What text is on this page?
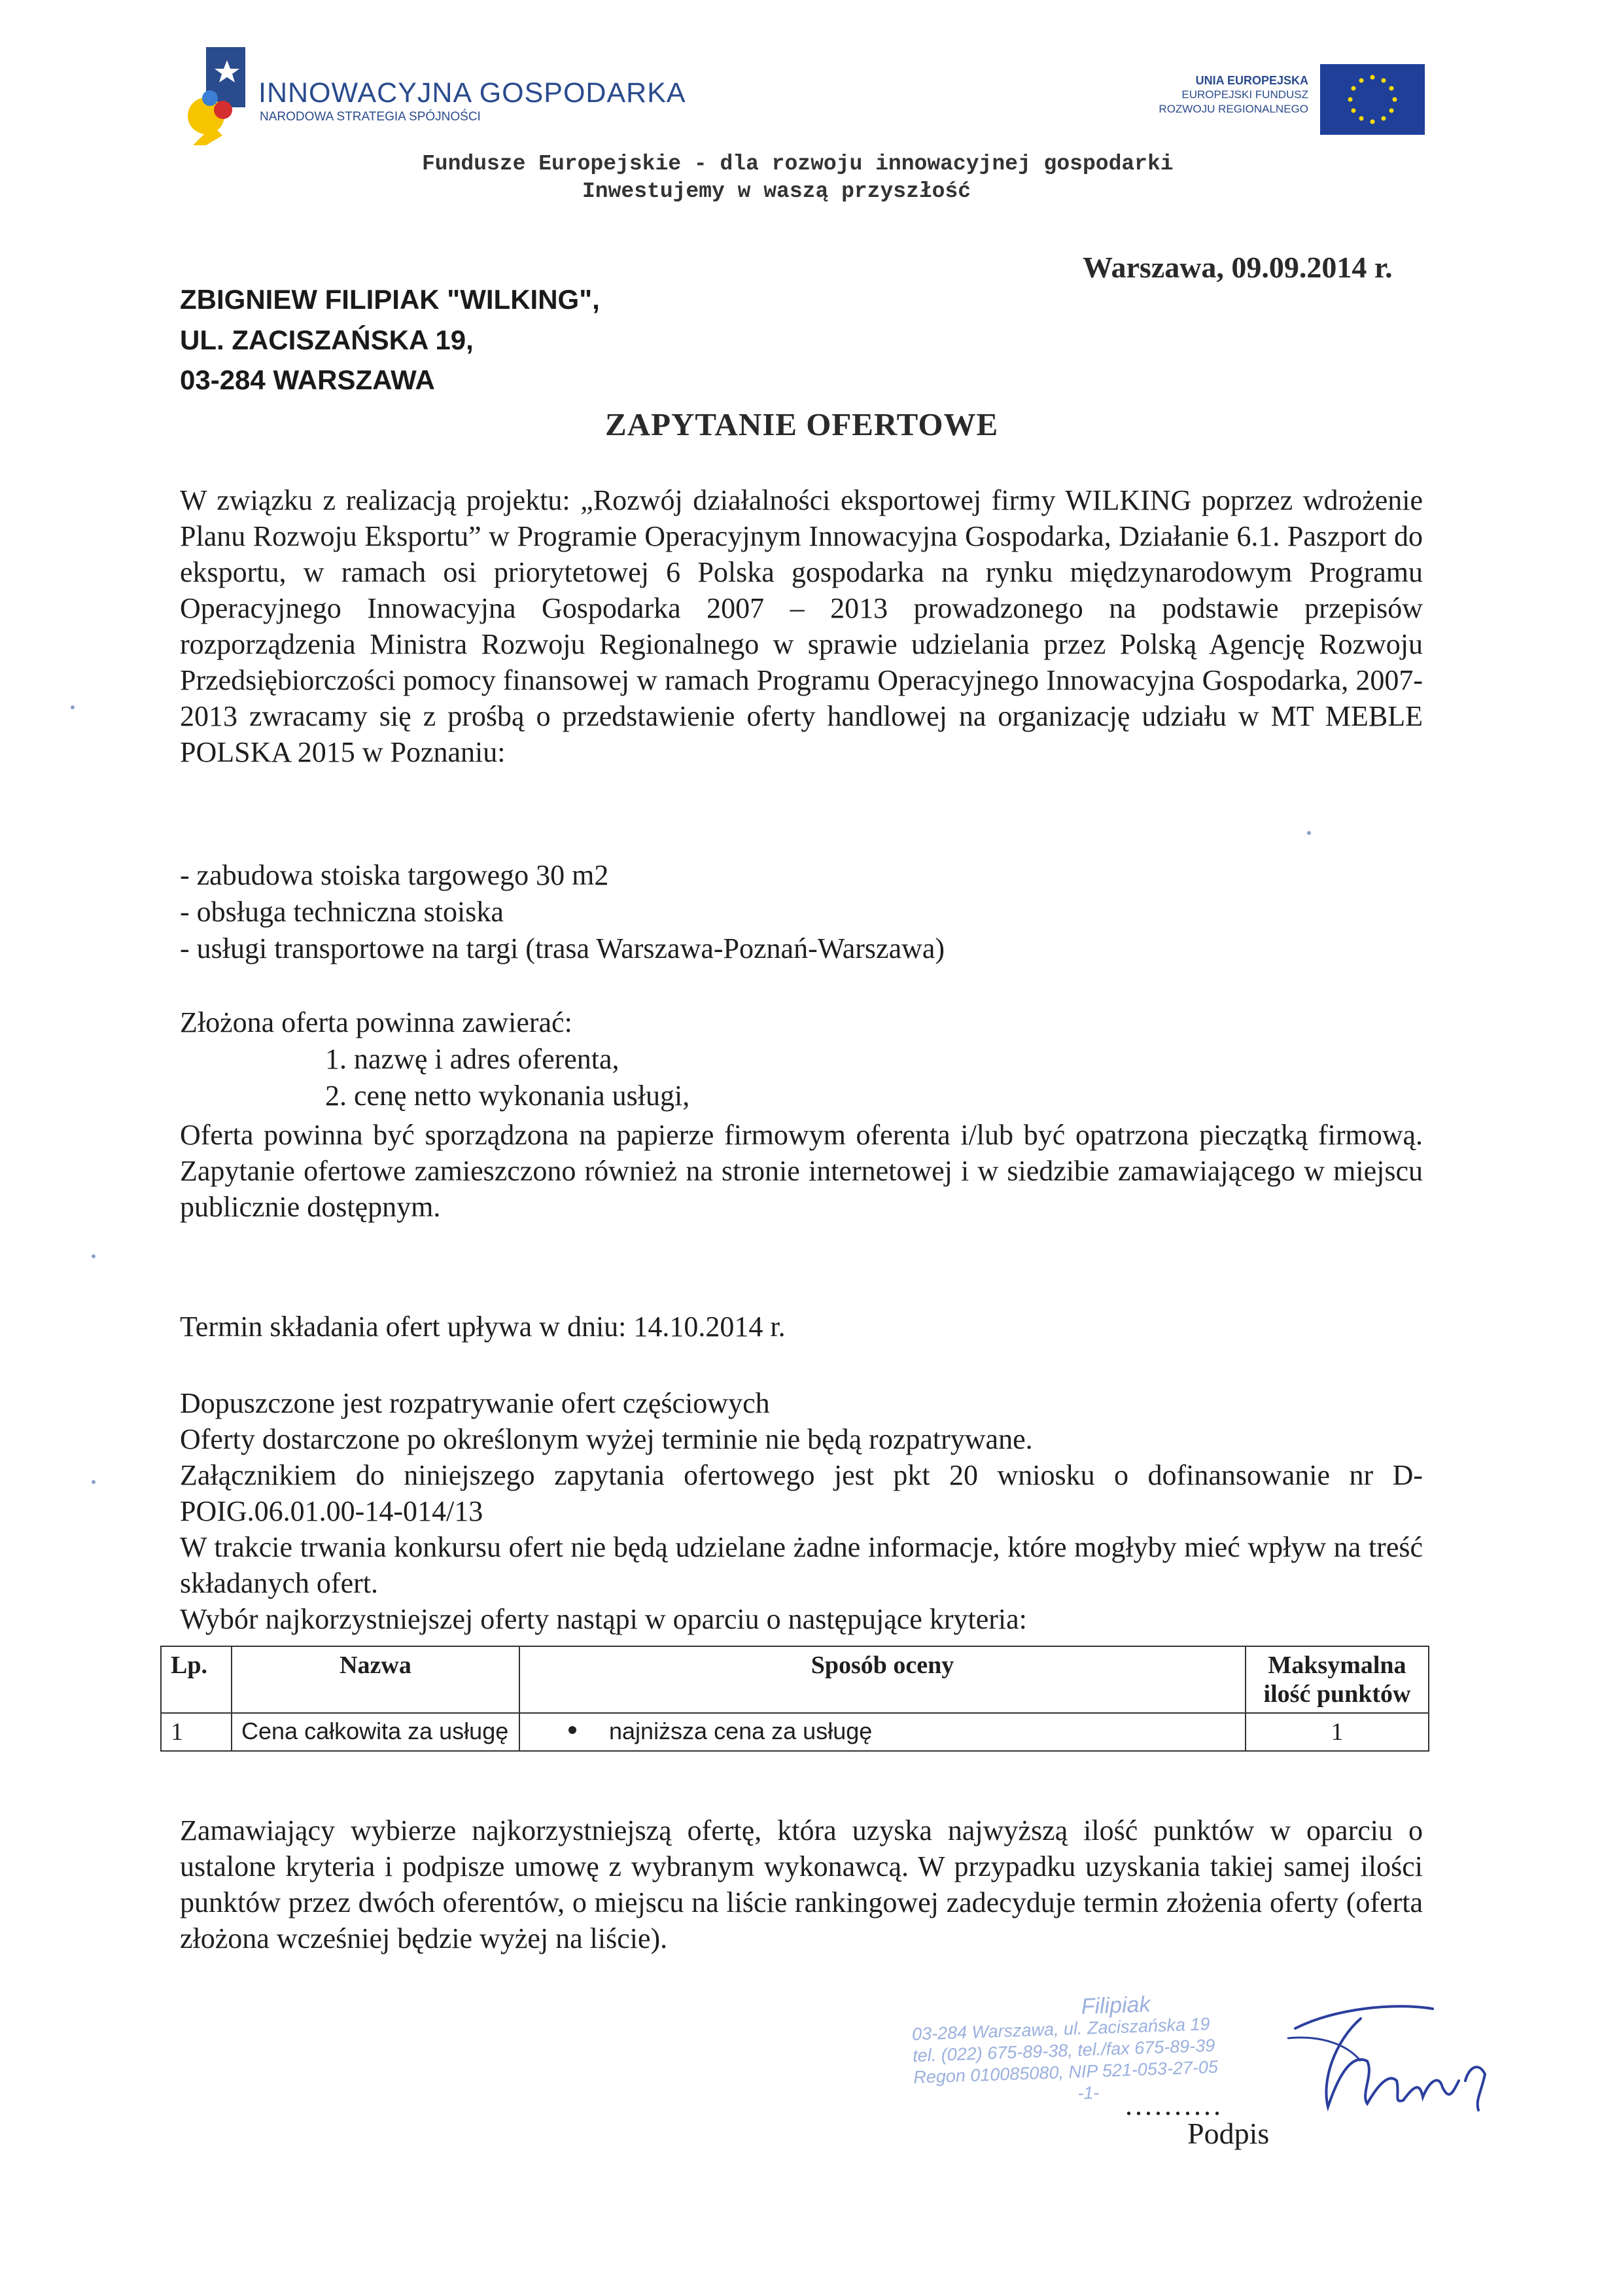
INNOWACYJNA GOSPODARKA
NARODOWA STRATEGIA SPÓJNOŚCI
UNIA EUROPEJSKA
EUROPEJSKI FUNDUSZ
ROZWOJU REGIONALNEGO
Fundusze Europejskie - dla rozwoju innowacyjnej gospodarki
Inwestujemy w waszą przyszłość
Warszawa, 09.09.2014 r.
ZBIGNIEW FILIPIAK "WILKING",
UL. ZACISZAŃSKA 19,
03-284 WARSZAWA
ZAPYTANIE OFERTOWE
W związku z realizacją projektu: „Rozwój działalności eksportowej firmy WILKING poprzez wdrożenie Planu Rozwoju Eksportu” w Programie Operacyjnym Innowacyjna Gospodarka, Działanie 6.1. Paszport do eksportu, w ramach osi priorytetowej 6 Polska gospodarka na rynku międzynarodowym Programu Operacyjnego Innowacyjna Gospodarka 2007 – 2013 prowadzonego na podstawie przepisów rozporządzenia Ministra Rozwoju Regionalnego w sprawie udzielania przez Polską Agencję Rozwoju Przedsiębiorczości pomocy finansowej w ramach Programu Operacyjnego Innowacyjna Gospodarka, 2007-2013 zwracamy się z prośbą o przedstawienie oferty handlowej na organizację udziału w MT MEBLE POLSKA 2015 w Poznaniu:
- zabudowa stoiska targowego 30 m2
- obsługa techniczna stoiska
- usługi transportowe na targi (trasa Warszawa-Poznań-Warszawa)
Złożona oferta powinna zawierać:
1. nazwę i adres oferenta,
2. cenę netto wykonania usługi,
Oferta powinna być sporządzona na papierze firmowym oferenta i/lub być opatrzona pieczątką firmową. Zapytanie ofertowe zamieszczono również na stronie internetowej i w siedzibie zamawiającego w miejscu publicznie dostępnym.
Termin składania ofert upływa w dniu: 14.10.2014 r.
Dopuszczone jest rozpatrywanie ofert częściowych
Oferty dostarczone po określonym wyżej terminie nie będą rozpatrywane.
Załącznikiem do niniejszego zapytania ofertowego jest pkt 20 wniosku o dofinansowanie nr D-POIG.06.01.00-14-014/13
W trakcie trwania konkursu ofert nie będą udzielane żadne informacje, które mogłyby mieć wpływ na treść składanych ofert.
Wybór najkorzystniejszej oferty nastąpi w oparciu o następujące kryteria:
Lp.	Nazwa	Sposób oceny	Maksymalna ilość punktów
1	Cena całkowita za usługę	najniższa cena za usługę	1
Zamawiający wybierze najkorzystniejszą ofertę, która uzyska najwyższą ilość punktów w oparciu o ustalone kryteria i podpisze umowę z wybranym wykonawcą. W przypadku uzyskania takiej samej ilości punktów przez dwóch oferentów, o miejscu na liście rankingowej zadecyduje termin złożenia oferty (oferta złożona wcześniej będzie wyżej na liście).
Filipiak
03-284 Warszawa, ul. Zaciszańska 19
tel. (022) 675-89-38, tel./fax 675-89-39
Regon 010085080, NIP 521-053-27-05
-1- ..........
Podpis
